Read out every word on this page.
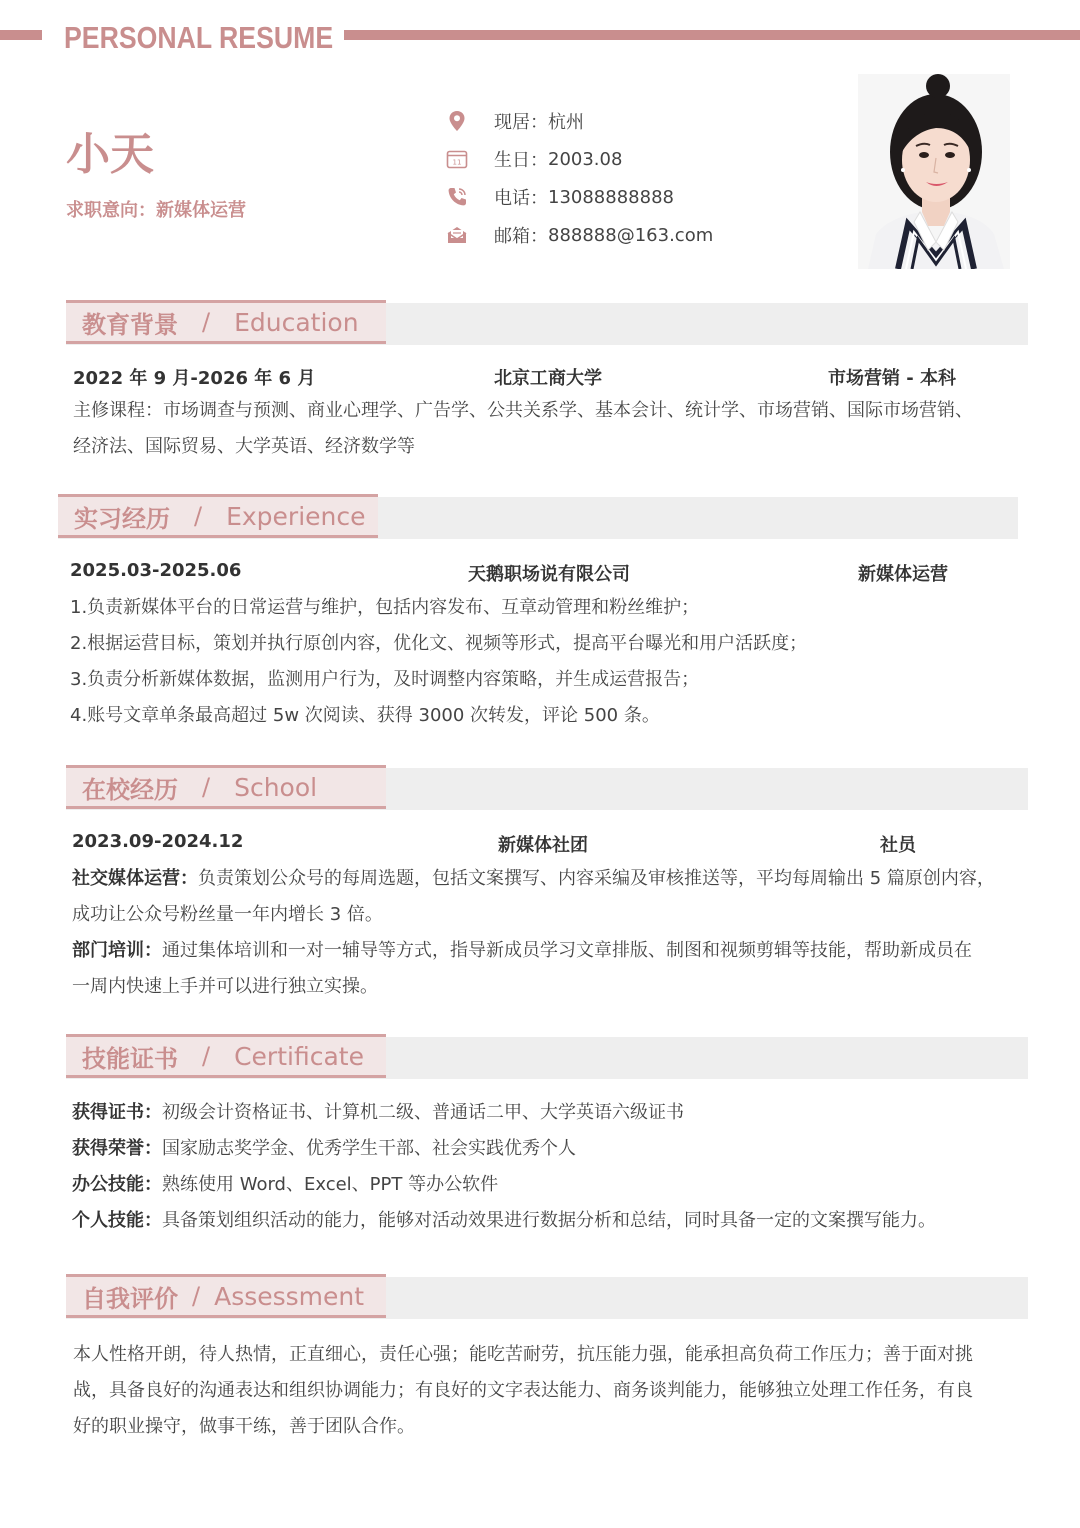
PERSONAL RESUME
小天
求职意向：新媒体运营
现居： 杭州
11 生日： 2003.08
电话： 13088888888
邮箱： 888888@163.com
教育背景 / Education
2022 年 9 月-2026 年 6 月	北京工商大学	市场营销 - 本科
主修课程：市场调查与预测、商业心理学、广告学、公共关系学、基本会计、统计学、市场营销、国际市场营销、
经济法、国际贸易、大学英语、经济数学等
实习经历 / Experience
2025.03-2025.06	天鹅职场说有限公司	新媒体运营
1.负责新媒体平台的日常运营与维护，包括内容发布、互章动管理和粉丝维护；
2.根据运营目标，策划并执行原创内容，优化文、视频等形式，提高平台曝光和用户活跃度；
3.负责分析新媒体数据，监测用户行为，及时调整内容策略，并生成运营报告；
4.账号文章单条最高超过 5w 次阅读、获得 3000 次转发，评论 500 条。
在校经历 / School
2023.09-2024.12	新媒体社团	社员
社交媒体运营：负责策划公众号的每周选题，包括文案撰写、内容采编及审核推送等，平均每周输出 5 篇原创内容，
成功让公众号粉丝量一年内增长 3 倍。
部门培训：通过集体培训和一对一辅导等方式，指导新成员学习文章排版、制图和视频剪辑等技能，帮助新成员在
一周内快速上手并可以进行独立实操。
技能证书 / Certificate
获得证书：初级会计资格证书、计算机二级、普通话二甲、大学英语六级证书
获得荣誉：国家励志奖学金、优秀学生干部、社会实践优秀个人
办公技能：熟练使用 Word、Excel、PPT 等办公软件
个人技能：具备策划组织活动的能力，能够对活动效果进行数据分析和总结，同时具备一定的文案撰写能力。
自我评价 / Assessment
本人性格开朗，待人热情，正直细心，责任心强；能吃苦耐劳，抗压能力强，能承担高负荷工作压力；善于面对挑
战，具备良好的沟通表达和组织协调能力；有良好的文字表达能力、商务谈判能力，能够独立处理工作任务，有良
好的职业操守，做事干练，善于团队合作。
